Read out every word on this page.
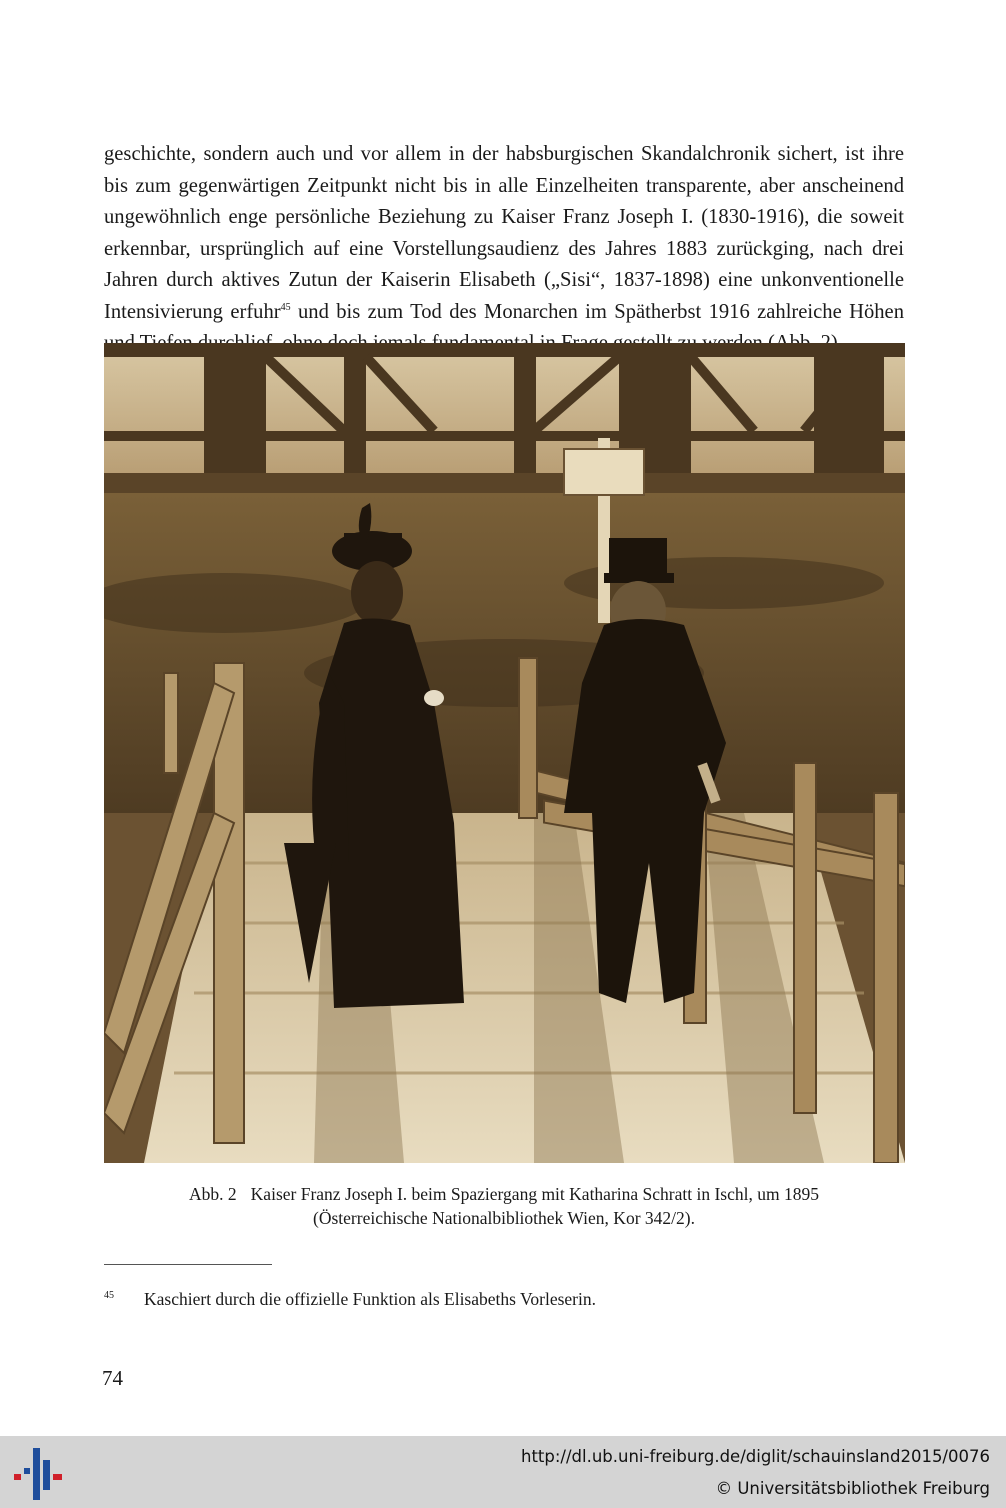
geschichte, sondern auch und vor allem in der habsburgischen Skandalchronik sichert, ist ihre
bis zum gegenwärtigen Zeitpunkt nicht bis in alle Einzelheiten transparente, aber anscheinend
ungewöhnlich enge persönliche Beziehung zu Kaiser Franz Joseph I. (1830-1916), die soweit
erkennbar, ursprünglich auf eine Vorstellungsaudienz des Jahres 1883 zurückging, nach drei
Jahren durch aktives Zutun der Kaiserin Elisabeth („Sisi“, 1837-1898) eine unkonventionelle
Intensivierung erfuhr$^{45}$ und bis zum Tod des Monarchen im Spätherbst 1916 zahlreiche Höhen
Abb. 2 Kaiser Franz Joseph I. beim Spaziergang mit Katharina Schratt in Ischl, um 1895
(Österreichische Nationalbibliothek Wien, Kor 342/2).
45 Kaschiert durch die offizielle Funktion als Elisabeths Vorleserin.
74
http://dl.ub.uni-freiburg.de/diglit/schauinsland2015/0076
© Universitätsbibliothek Freiburg
